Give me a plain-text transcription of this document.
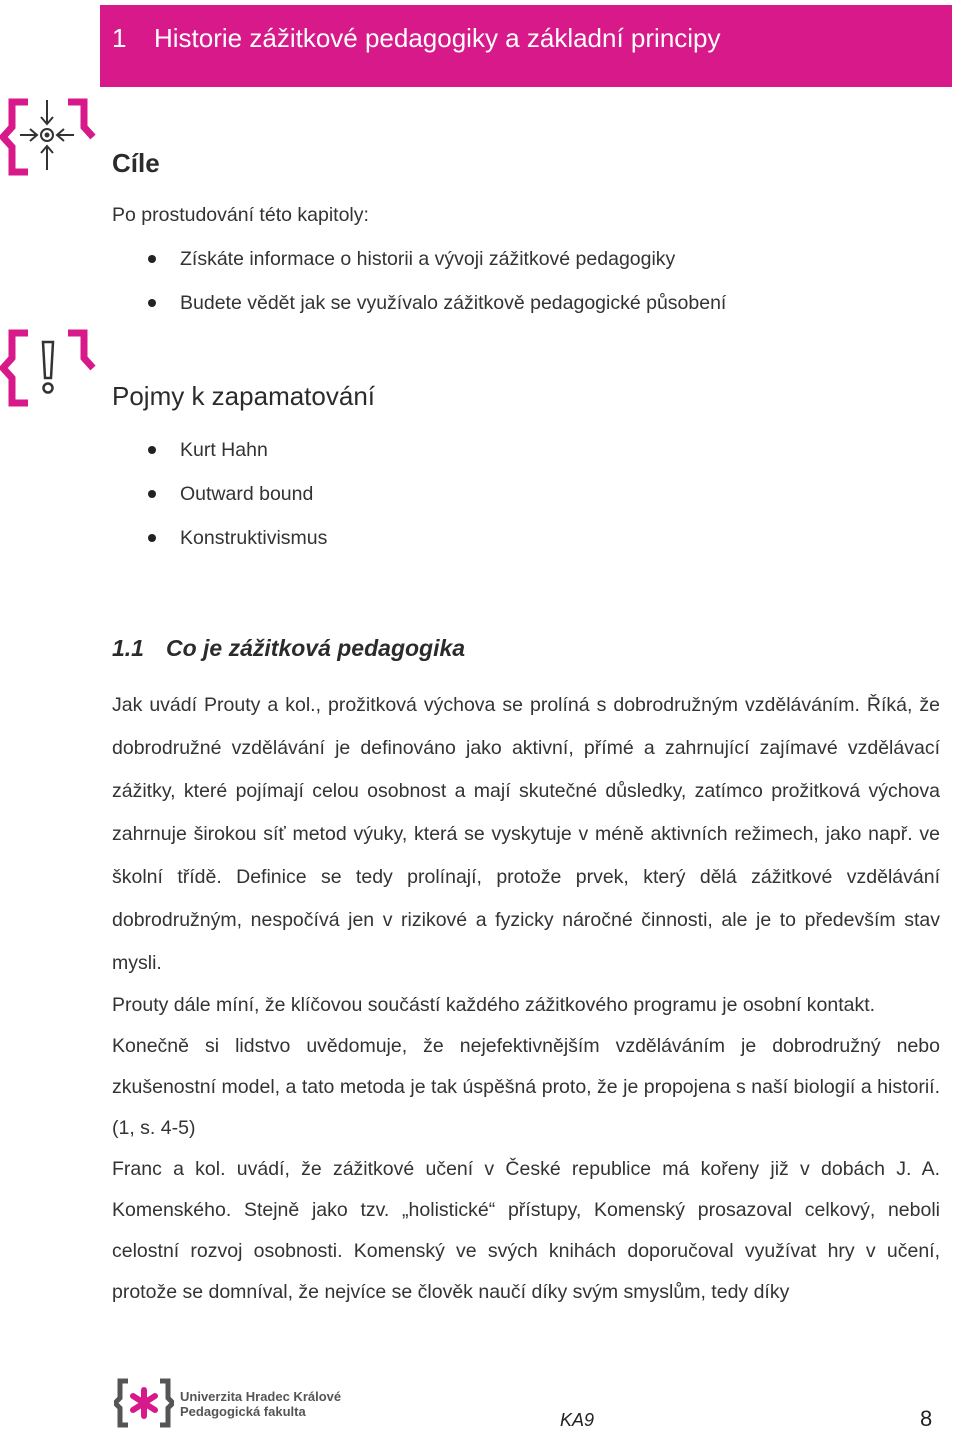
1 Historie zážitkové pedagogiky a základní principy
Cíle
Po prostudování této kapitoly:
Získáte informace o historii a vývoji zážitkové pedagogiky
Budete vědět jak se využívalo zážitkově pedagogické působení
Pojmy k zapamatování
Kurt Hahn
Outward bound
Konstruktivismus
1.1 Co je zážitková pedagogika

Jak uvádí Prouty a kol., prožitková výchova se prolíná s dobrodružným vzděláváním. Říká, že dobrodružné vzdělávání je definováno jako aktivní, přímé a zahrnující zajímavé vzdělávací zážitky, které pojímají celou osobnost a mají skutečné důsledky, zatímco prožitková výchova zahrnuje širokou síť metod výuky, která se vyskytuje v méně aktivních režimech, jako např. ve školní třídě. Definice se tedy prolínají, protože prvek, který dělá zážitkové vzdělávání dobrodružným, nespočívá jen v rizikové a fyzicky náročné činnosti, ale je to především stav mysli.

Prouty dále míní, že klíčovou součástí každého zážitkového programu je osobní kontakt.
Konečně si lidstvo uvědomuje, že nejefektivnějším vzděláváním je dobrodružný nebo zkušenostní model, a tato metoda je tak úspěšná proto, že je propojena s naší biologií a historií. (1, s. 4-5)

Franc a kol. uvádí, že zážitkové učení v České republice má kořeny již v dobách J. A. Komenského. Stejně jako tzv. „holistické“ přístupy, Komenský prosazoval celkový, neboli celostní rozvoj osobnosti. Komenský ve svých knihách doporučoval využívat hry v učení, protože se domníval, že nejvíce se člověk naučí díky svým smyslům, tedy díky

Univerzita Hradec Králové
Pedagogická fakulta	KA9	8
